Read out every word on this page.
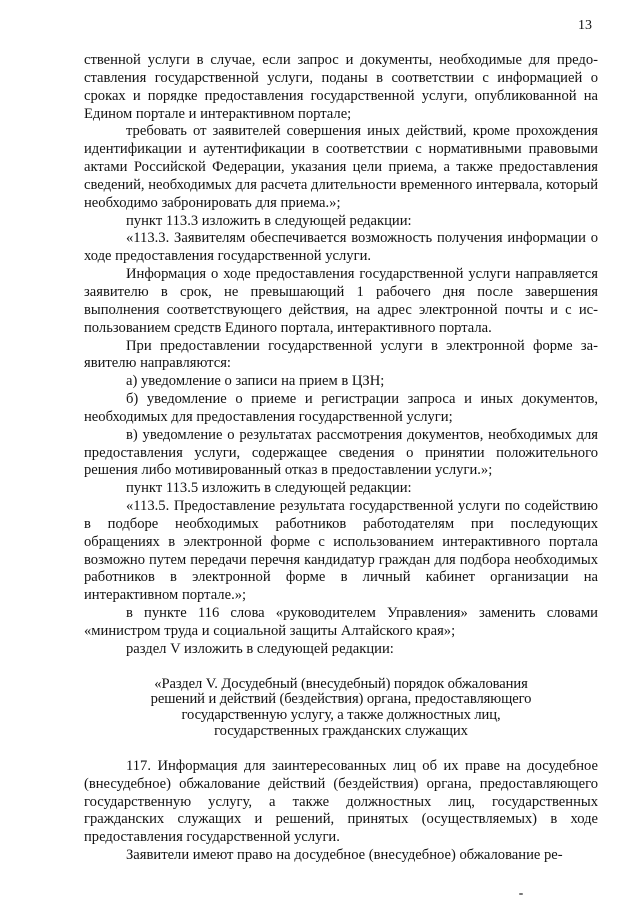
13

ственной услуги в случае, если запрос и документы, необходимые для предоставления государственной услуги, поданы в соответствии с информацией о сроках и порядке предоставления государственной услуги, опубликованной на Едином портале и интерактивном портале;

требовать от заявителей совершения иных действий, кроме прохождения идентификации и аутентификации в соответствии с нормативными правовыми актами Российской Федерации, указания цели приема, а также предоставления сведений, необходимых для расчета длительности временного интервала, который необходимо забронировать для приема.»;

пункт 113.3 изложить в следующей редакции:

«113.3. Заявителям обеспечивается возможность получения информации о ходе предоставления государственной услуги.

Информация о ходе предоставления государственной услуги направляется заявителю в срок, не превышающий 1 рабочего дня после завершения выполнения соответствующего действия, на адрес электронной почты и с использованием средств Единого портала, интерактивного портала.

При предоставлении государственной услуги в электронной форме заявителю направляются:

а) уведомление о записи на прием в ЦЗН;

б) уведомление о приеме и регистрации запроса и иных документов, необходимых для предоставления государственной услуги;

в) уведомление о результатах рассмотрения документов, необходимых для предоставления услуги, содержащее сведения о принятии положительного решения либо мотивированный отказ в предоставлении услуги.»;

пункт 113.5 изложить в следующей редакции:

«113.5. Предоставление результата государственной услуги по содействию в подборе необходимых работников работодателям при последующих обращениях в электронной форме с использованием интерактивного портала возможно путем передачи перечня кандидатур граждан для подбора необходимых работников в электронной форме в личный кабинет организации на интерактивном портале.»;

в пункте 116 слова «руководителем Управления» заменить словами «министром труда и социальной защиты Алтайского края»;

раздел V изложить в следующей редакции:

«Раздел V. Досудебный (внесудебный) порядок обжалования
решений и действий (бездействия) органа, предоставляющего
государственную услугу, а также должностных лиц,
государственных гражданских служащих

117. Информация для заинтересованных лиц об их праве на досудебное (внесудебное) обжалование действий (бездействия) органа, предоставляющего государственную услугу, а также должностных лиц, государственных гражданских служащих и решений, принятых (осуществляемых) в ходе предоставления государственной услуги.

Заявители имеют право на досудебное (внесудебное) обжалование ре-
